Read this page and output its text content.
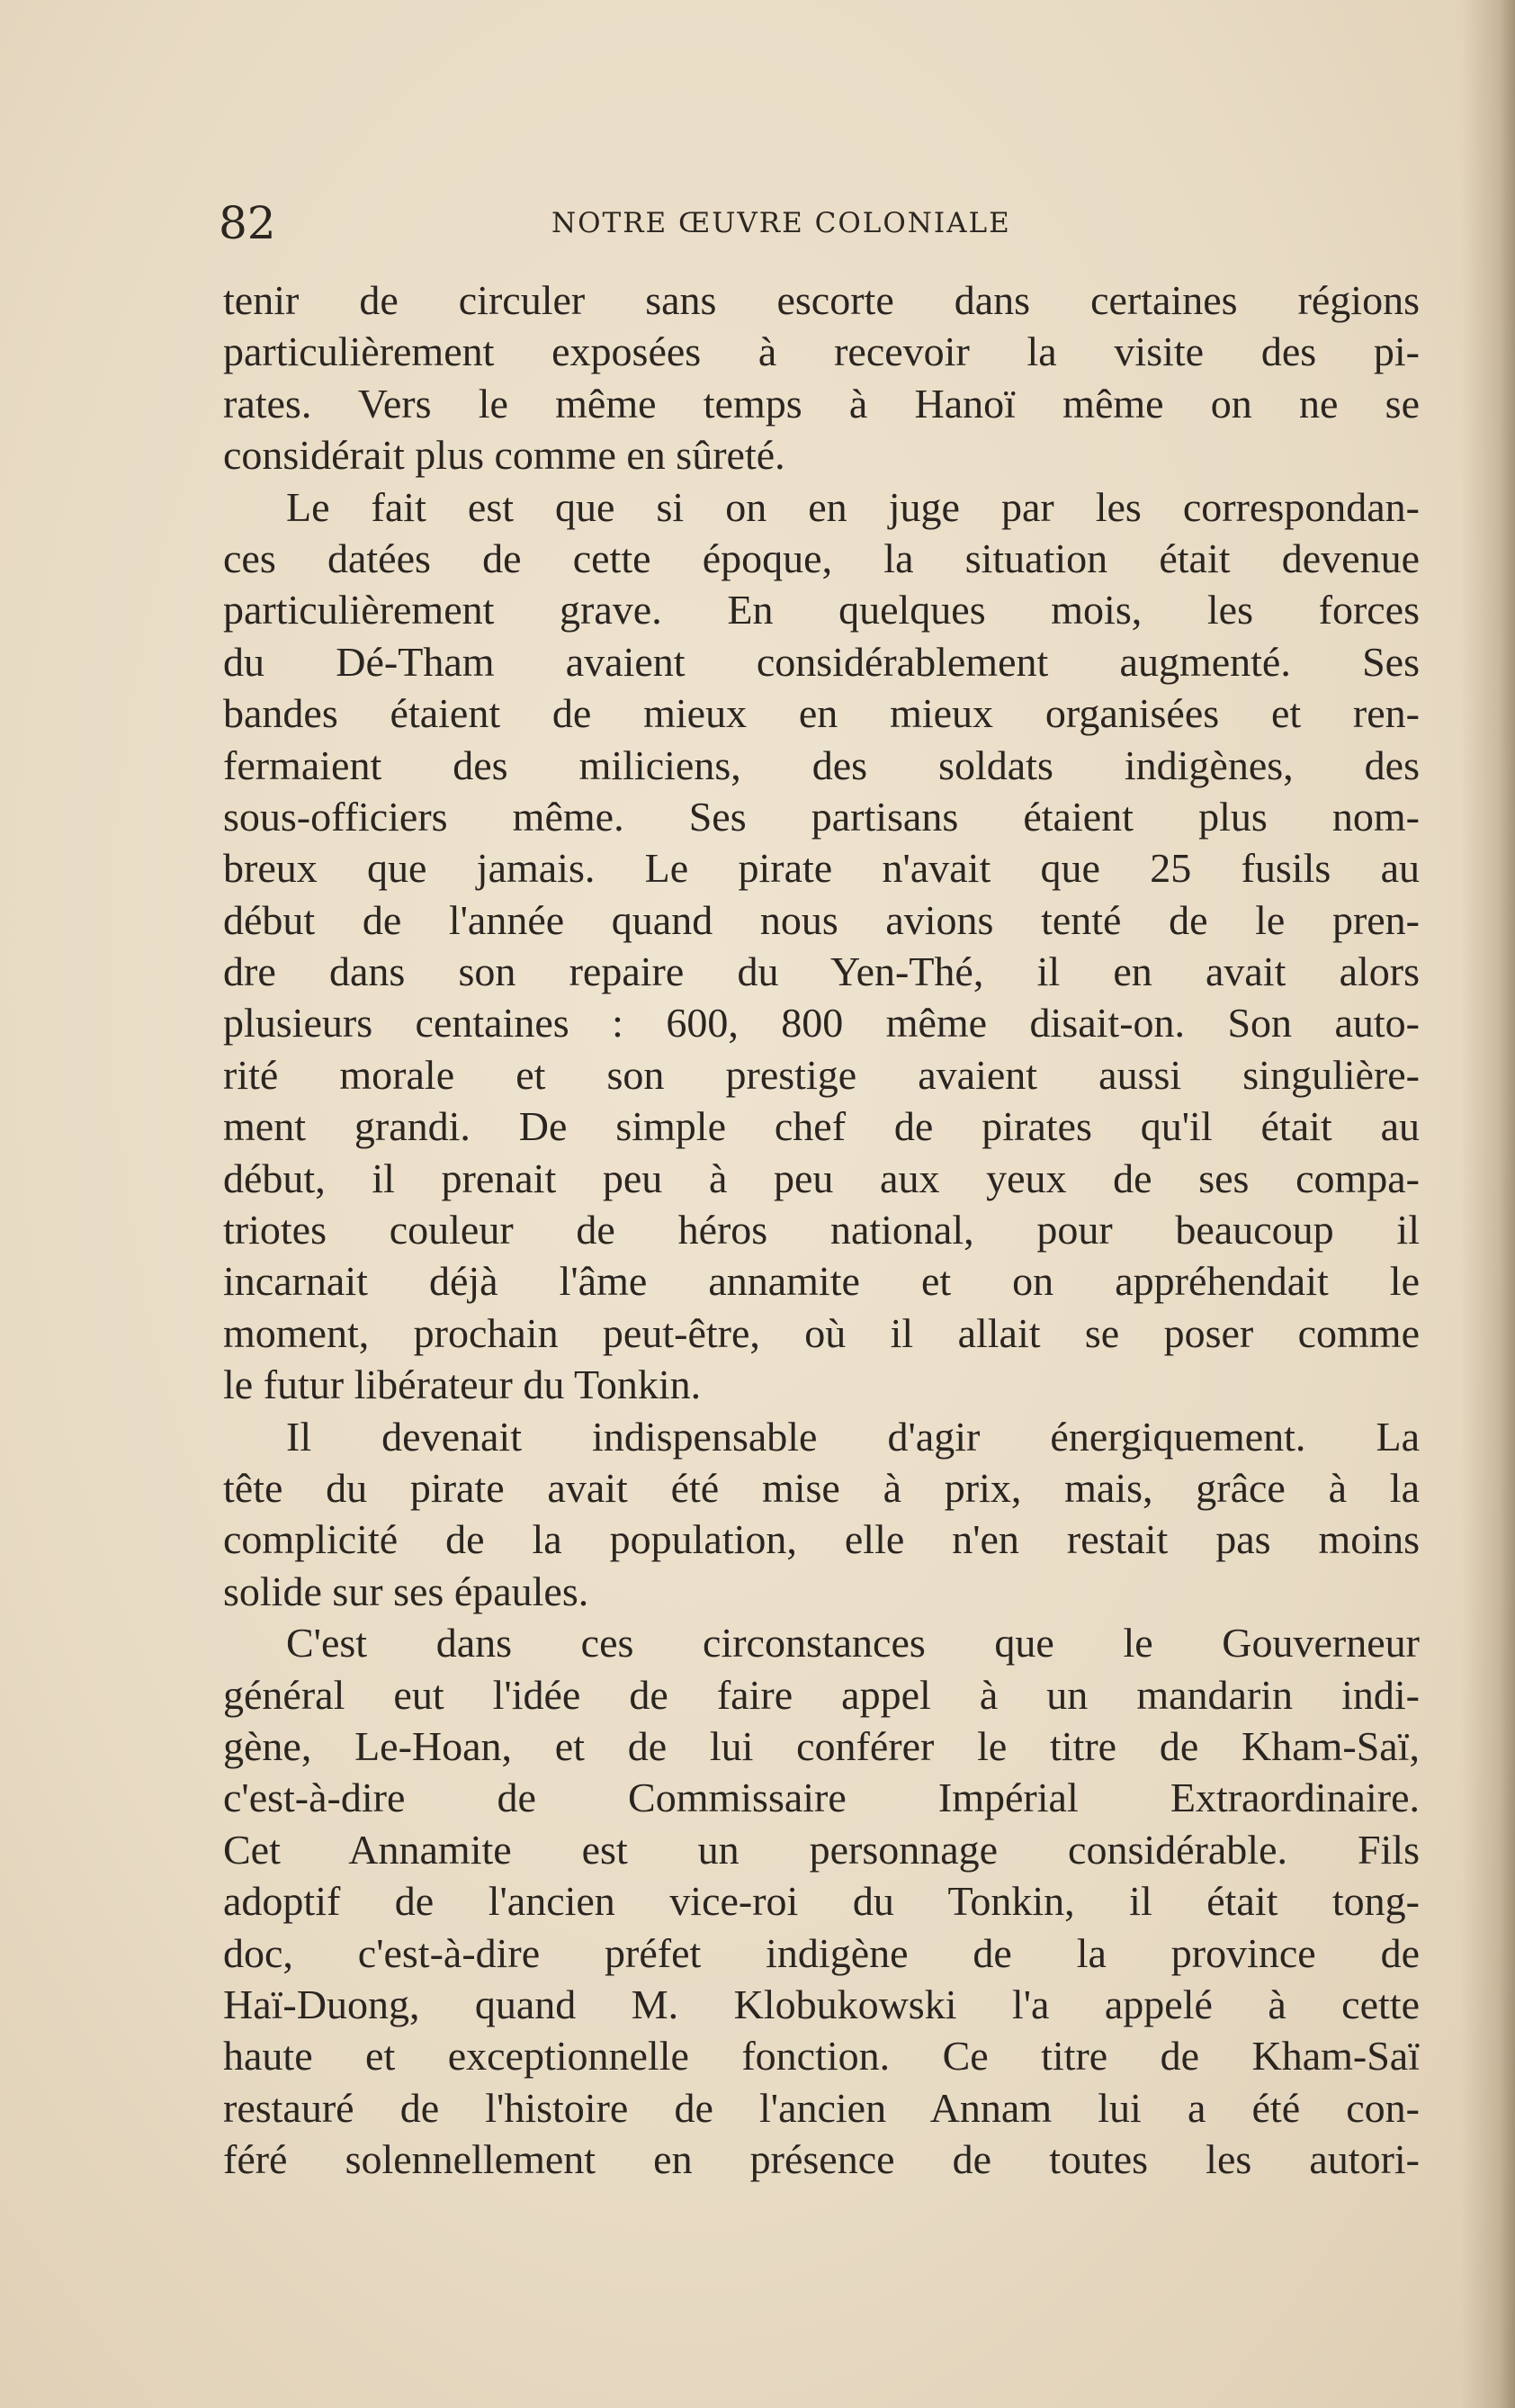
82	NOTRE ŒUVRE COLONIALE
tenir de circuler sans escorte dans certaines régions
particulièrement exposées à recevoir la visite des pi-
rates. Vers le même temps à Hanoï même on ne se
considérait plus comme en sûreté.
Le fait est que si on en juge par les correspondan-
ces datées de cette époque, la situation était devenue
particulièrement grave. En quelques mois, les forces
du Dé-Tham avaient considérablement augmenté. Ses
bandes étaient de mieux en mieux organisées et ren-
fermaient des miliciens, des soldats indigènes, des
sous-officiers même. Ses partisans étaient plus nom-
breux que jamais. Le pirate n'avait que 25 fusils au
début de l'année quand nous avions tenté de le pren-
dre dans son repaire du Yen-Thé, il en avait alors
plusieurs centaines : 600, 800 même disait-on. Son auto-
rité morale et son prestige avaient aussi singulière-
ment grandi. De simple chef de pirates qu'il était au
début, il prenait peu à peu aux yeux de ses compa-
triotes couleur de héros national, pour beaucoup il
incarnait déjà l'âme annamite et on appréhendait le
moment, prochain peut-être, où il allait se poser comme
le futur libérateur du Tonkin.
Il devenait indispensable d'agir énergiquement. La
tête du pirate avait été mise à prix, mais, grâce à la
complicité de la population, elle n'en restait pas moins
solide sur ses épaules.
C'est dans ces circonstances que le Gouverneur
général eut l'idée de faire appel à un mandarin indi-
gène, Le-Hoan, et de lui conférer le titre de Kham-Saï,
c'est-à-dire de Commissaire Impérial Extraordinaire.
Cet Annamite est un personnage considérable. Fils
adoptif de l'ancien vice-roi du Tonkin, il était tong-
doc, c'est-à-dire préfet indigène de la province de
Haï-Duong, quand M. Klobukowski l'a appelé à cette
haute et exceptionnelle fonction. Ce titre de Kham-Saï
restauré de l'histoire de l'ancien Annam lui a été con-
féré solennellement en présence de toutes les autori-
